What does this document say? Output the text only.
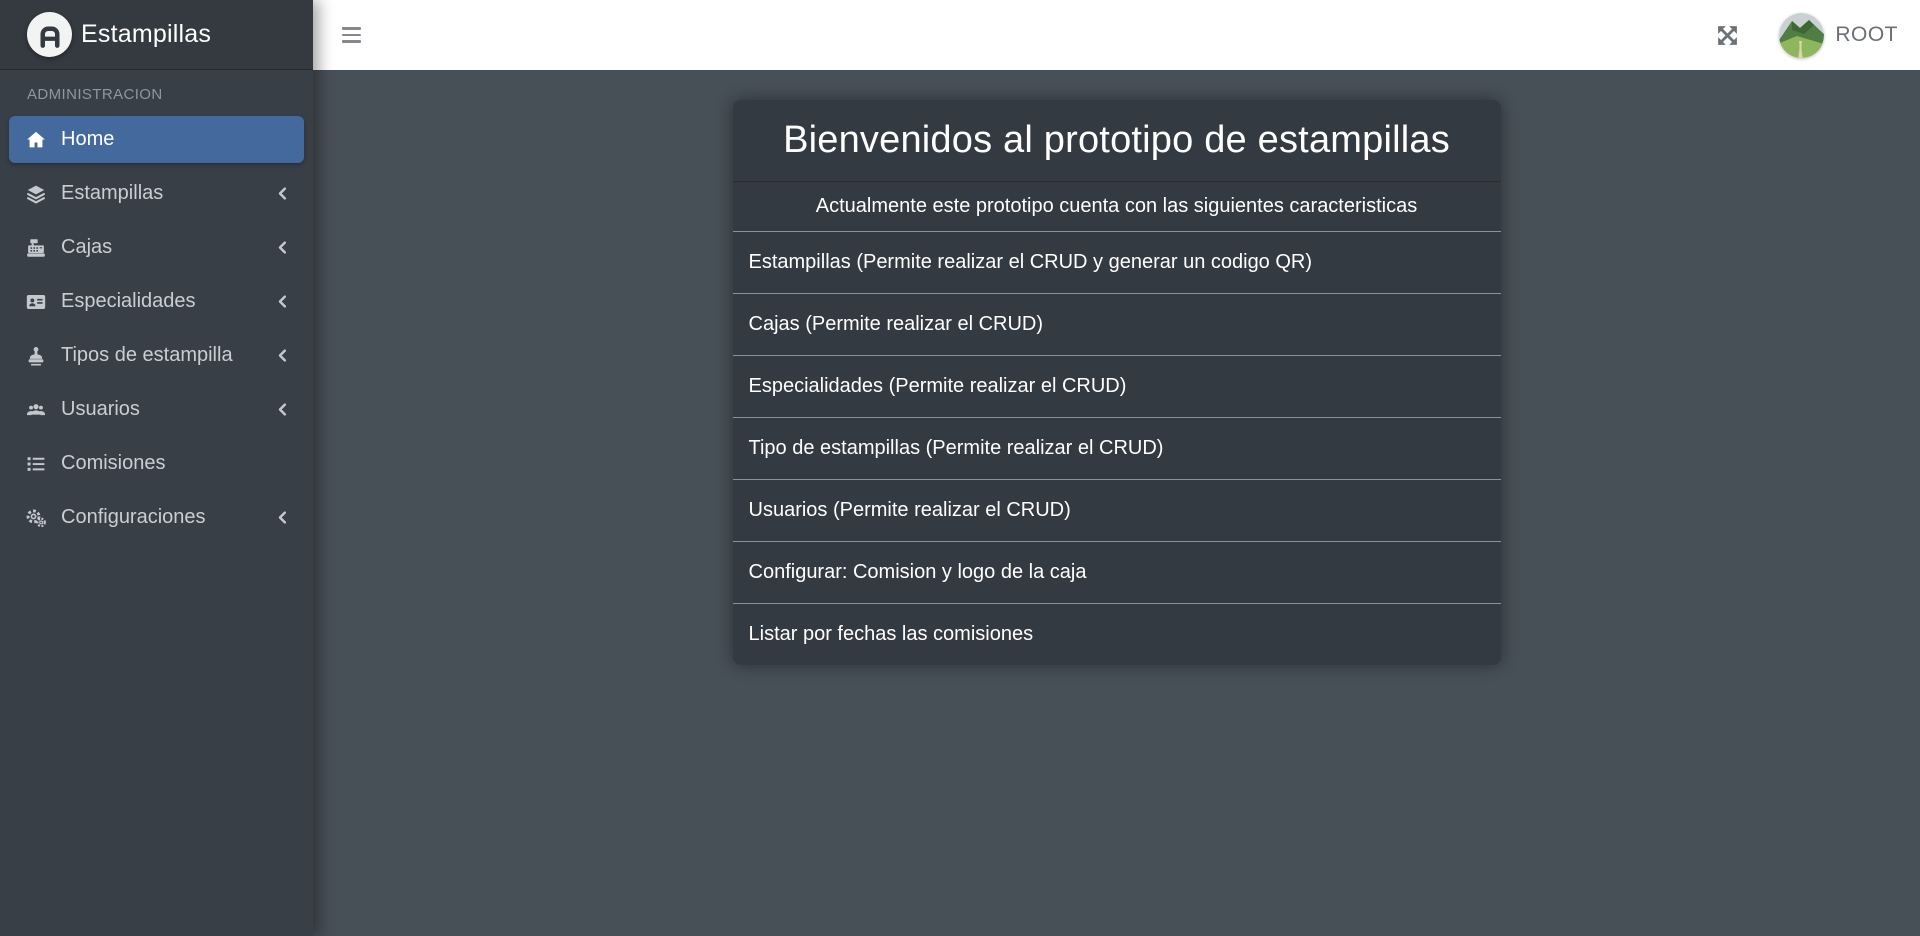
Estampillas
ADMINISTRACION
Home
Estampillas
Cajas
Especialidades
Tipos de estampilla
Usuarios
Comisiones
Configuraciones
ROOT
Bienvenidos al prototipo de estampillas
Actualmente este prototipo cuenta con las siguientes caracteristicas
Estampillas (Permite realizar el CRUD y generar un codigo QR)
Cajas (Permite realizar el CRUD)
Especialidades (Permite realizar el CRUD)
Tipo de estampillas (Permite realizar el CRUD)
Usuarios (Permite realizar el CRUD)
Configurar: Comision y logo de la caja
Listar por fechas las comisiones
